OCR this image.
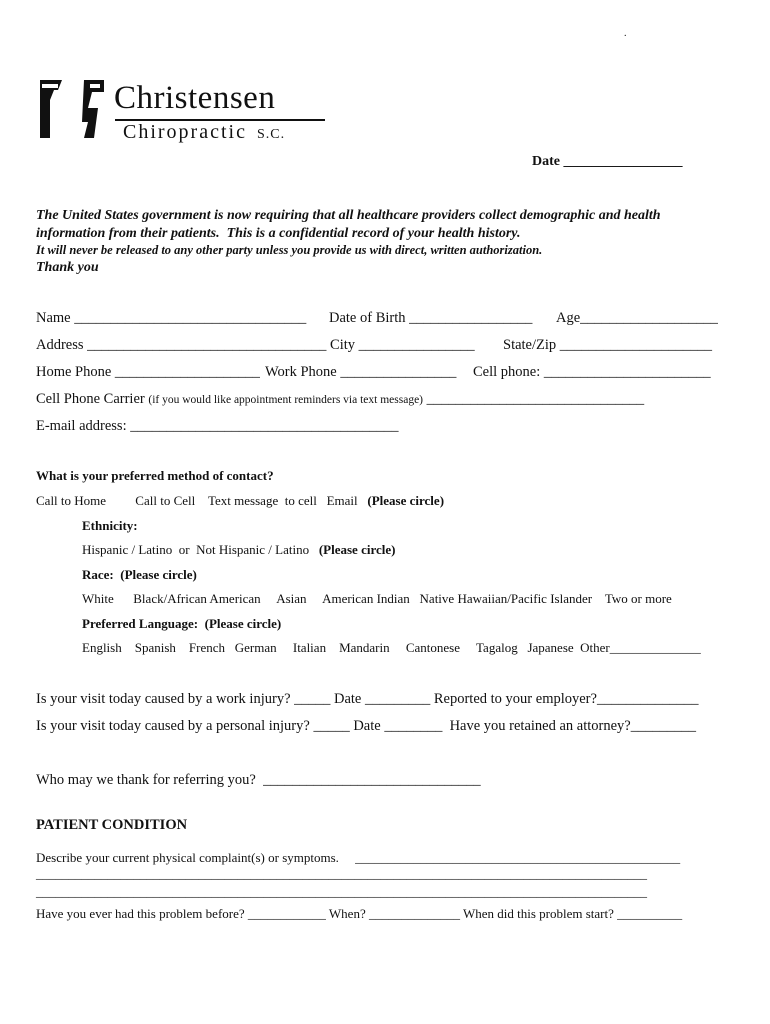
.

Christensen

Chiropractic S.C.

Date _________________
The United States government is now requiring that all healthcare providers collect demographic and health
information from their patients.  This is a confidential record of your health history.
It will never be released to any other party unless you provide us with direct, written authorization.
Thank you
Name ________________________________ Date of Birth _________________ Age___________________
Address _________________________________ City ________________ State/Zip _____________________
Home Phone ____________________ Work Phone ________________ Cell phone: _______________________
Cell Phone Carrier (if you would like appointment reminders via text message) ______________________________
E-mail address: _____________________________________
What is your preferred method of contact?
Call to Home         Call to Cell    Text message  to cell   Email   (Please circle)
Ethnicity:
Hispanic / Latino  or  Not Hispanic / Latino   (Please circle)
Race:  (Please circle)
White      Black/African American     Asian     American Indian   Native Hawaiian/Pacific Islander    Two or more
Preferred Language:  (Please circle)
English    Spanish    French   German     Italian    Mandarin     Cantonese     Tagalog   Japanese  Other______________
Is your visit today caused by a work injury? _____ Date _________ Reported to your employer?______________
Is your visit today caused by a personal injury? _____ Date ________  Have you retained an attorney?_________
Who may we thank for referring you?  ______________________________
PATIENT CONDITION
Describe your current physical complaint(s) or symptoms.     __________________________________________________
______________________________________________________________________________________________
______________________________________________________________________________________________
Have you ever had this problem before? ____________ When? ______________ When did this problem start? __________
